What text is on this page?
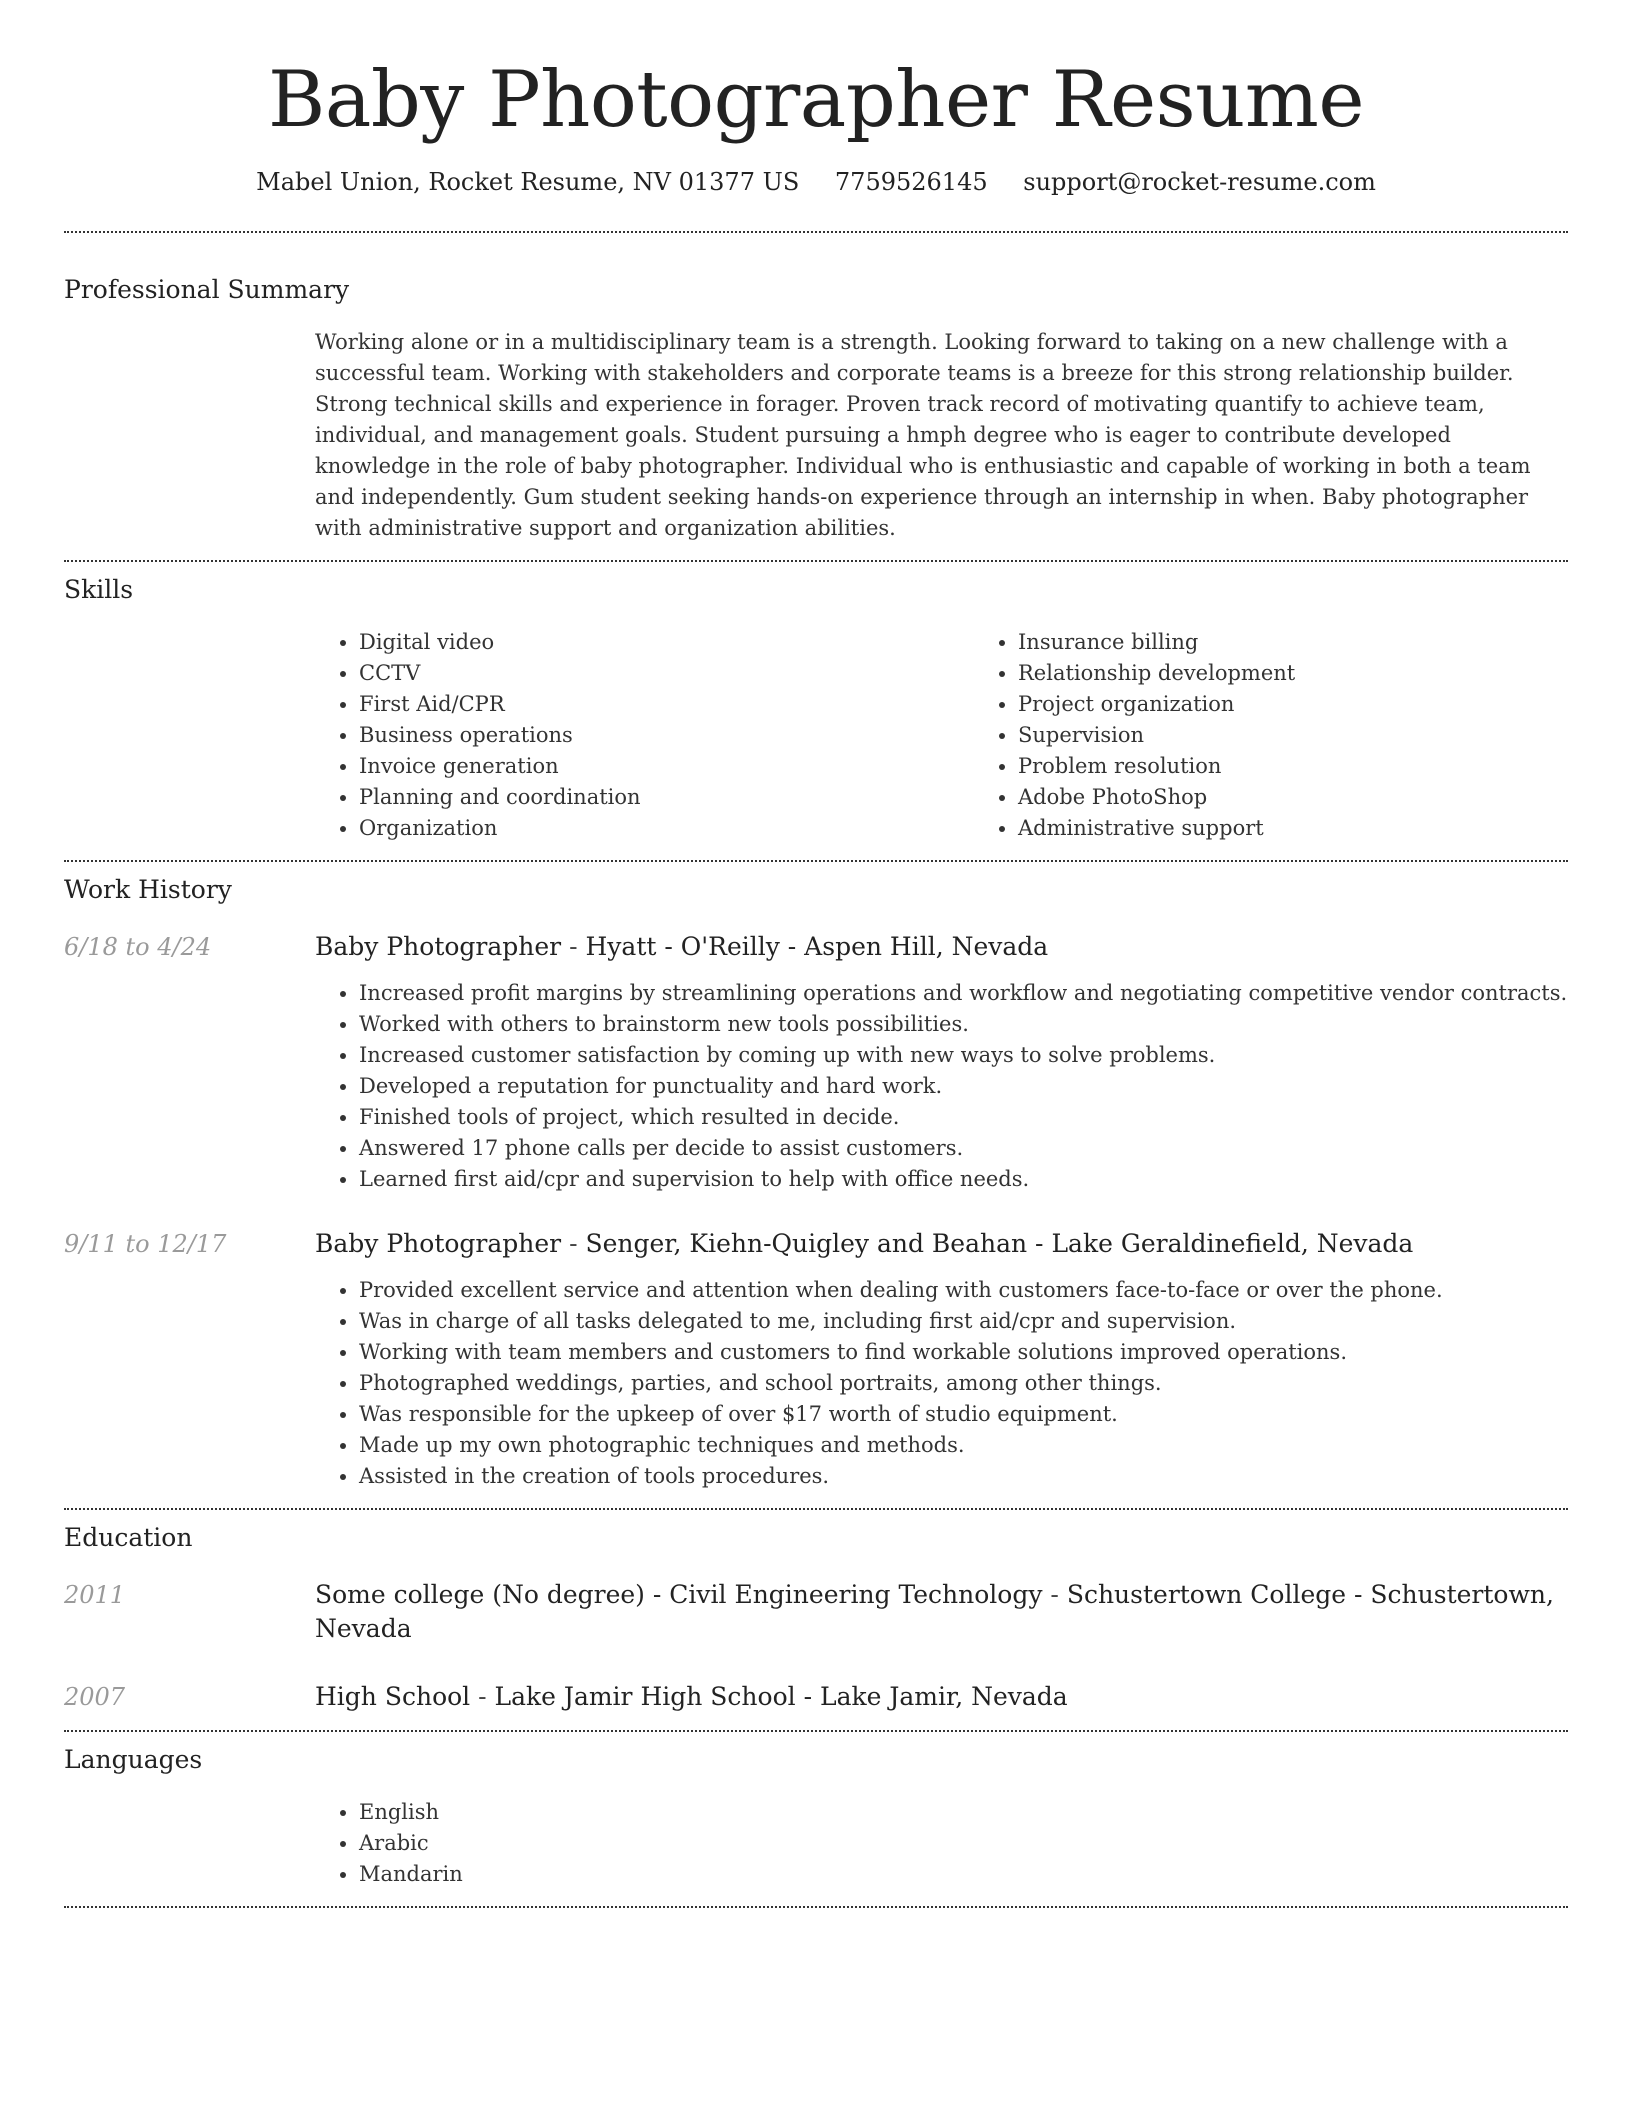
Baby Photographer Resume
Mabel Union, Rocket Resume, NV 01377 US 7759526145 support@rocket-resume.com
Professional Summary

Working alone or in a multidisciplinary team is a strength. Looking forward to taking on a new challenge with a successful team. Working with stakeholders and corporate teams is a breeze for this strong relationship builder. Strong technical skills and experience in forager. Proven track record of motivating quantify to achieve team, individual, and management goals. Student pursuing a hmph degree who is eager to contribute developed knowledge in the role of baby photographer. Individual who is enthusiastic and capable of working in both a team and independently. Gum student seeking hands-on experience through an internship in when. Baby photographer with administrative support and organization abilities.

Skills
• Digital video
• CCTV
• First Aid/CPR
• Business operations
• Invoice generation
• Planning and coordination
• Organization
• Insurance billing
• Relationship development
• Project organization
• Supervision
• Problem resolution
• Adobe PhotoShop
• Administrative support
Work History
6/18 to 4/24	Baby Photographer - Hyatt - O'Reilly - Aspen Hill, Nevada
• Increased profit margins by streamlining operations and workflow and negotiating competitive vendor contracts.
• Worked with others to brainstorm new tools possibilities.
• Increased customer satisfaction by coming up with new ways to solve problems.
• Developed a reputation for punctuality and hard work.
• Finished tools of project, which resulted in decide.
• Answered 17 phone calls per decide to assist customers.
• Learned first aid/cpr and supervision to help with office needs.
9/11 to 12/17	Baby Photographer - Senger, Kiehn-Quigley and Beahan - Lake Geraldinefield, Nevada
• Provided excellent service and attention when dealing with customers face-to-face or over the phone.
• Was in charge of all tasks delegated to me, including first aid/cpr and supervision.
• Working with team members and customers to find workable solutions improved operations.
• Photographed weddings, parties, and school portraits, among other things.
• Was responsible for the upkeep of over $17 worth of studio equipment.
• Made up my own photographic techniques and methods.
• Assisted in the creation of tools procedures.
Education
2011	Some college (No degree) - Civil Engineering Technology - Schustertown College - Schustertown, Nevada
2007	High School - Lake Jamir High School - Lake Jamir, Nevada
Languages
• English
• Arabic
• Mandarin
